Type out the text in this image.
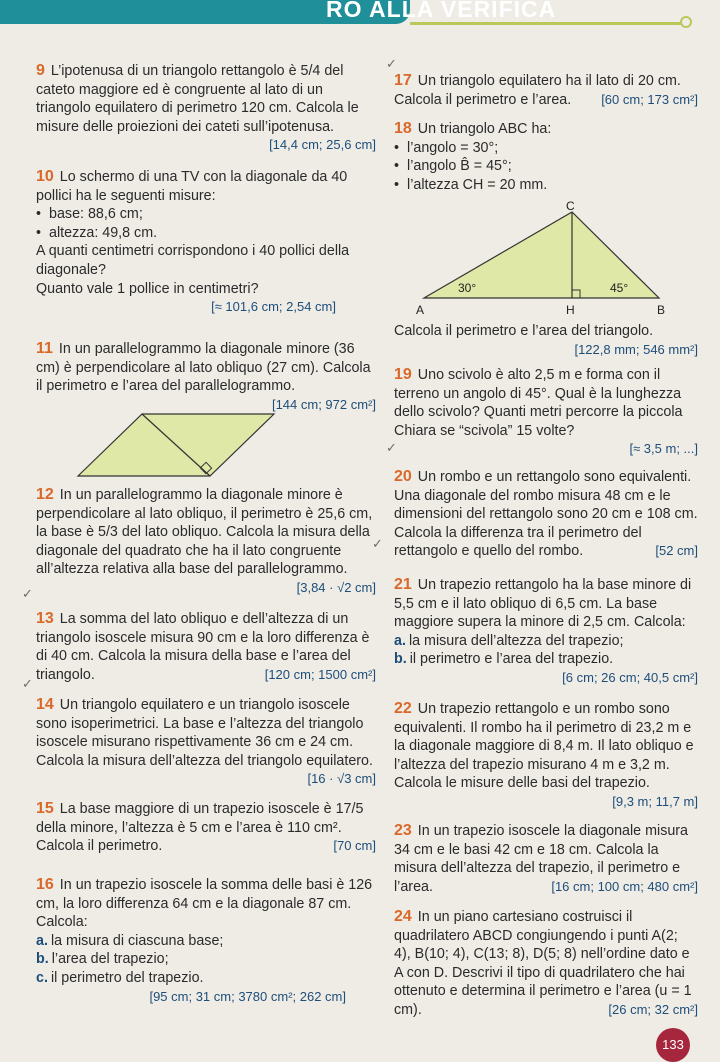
RO ALLA VERIFICA

9 L’ipotenusa di un triangolo rettangolo è 5/4 del cateto maggiore ed è congruente al lato di un triangolo equilatero di perimetro 120 cm. Calcola le misure delle proiezioni dei cateti sull’ipotenusa.
[14,4 cm; 25,6 cm]

10 Lo schermo di una TV con la diagonale da 40 pollici ha le seguenti misure:

• base: 88,6 cm;

• altezza: 49,8 cm.

A quanti centimetri corrispondono i 40 pollici della diagonale?

Quanto vale 1 pollice in centimetri?

[≈ 101,6 cm; 2,54 cm]

11 In un parallelogrammo la diagonale minore (36 cm) è perpendicolare al lato obliquo (27 cm). Calcola il perimetro e l’area del parallelogrammo.
[144 cm; 972 cm²]

12 In un parallelogrammo la diagonale minore è perpendicolare al lato obliquo, il perimetro è 25,6 cm, la base è 5/3 del lato obliquo. Calcola la misura della diagonale del quadrato che ha il lato congruente all’altezza relativa alla base del parallelogrammo.
[3,84 · √2 cm]

13 La somma del lato obliquo e dell’altezza di un triangolo isoscele misura 90 cm e la loro differenza è di 40 cm. Calcola la misura della base e l’area del triangolo.	[120 cm; 1500 cm²]

14 Un triangolo equilatero e un triangolo isoscele sono isoperimetrici. La base e l’altezza del triangolo isoscele misurano rispettivamente 36 cm e 24 cm. Calcola la misura dell’altezza del triangolo equilatero.
[16 · √3 cm]

15 La base maggiore di un trapezio isoscele è 17/5 della minore, l’altezza è 5 cm e l’area è 110 cm². Calcola il perimetro.	[70 cm]

16 In un trapezio isoscele la somma delle basi è 126 cm, la loro differenza 64 cm e la diagonale 87 cm. Calcola:

a. la misura di ciascuna base;

b. l’area del trapezio;

c. il perimetro del trapezio.

[95 cm; 31 cm; 3780 cm²; 262 cm]

17 Un triangolo equilatero ha il lato di 20 cm. Calcola il perimetro e l’area. [60 cm; 173 cm²]

18 Un triangolo ABC ha:

• l’angolo = 30°;

• l’angolo B̂ = 45°;

• l’altezza CH = 20 mm.

C
A	H	B
30°	45°

Calcola il perimetro e l’area del triangolo.

[122,8 mm; 546 mm²]

19 Uno scivolo è alto 2,5 m e forma con il terreno un angolo di 45°. Qual è la lunghezza dello scivolo? Quanti metri percorre la piccola Chiara se “scivola” 15 volte?

[≈ 3,5 m; ...]

20 Un rombo e un rettangolo sono equivalenti. Una diagonale del rombo misura 48 cm e le dimensioni del rettangolo sono 20 cm e 108 cm. Calcola la differenza tra il perimetro del rettangolo e quello del rombo.	[52 cm]

21 Un trapezio rettangolo ha la base minore di 5,5 cm e il lato obliquo di 6,5 cm. La base maggiore supera la minore di 2,5 cm. Calcola:

a. la misura dell’altezza del trapezio;

b. il perimetro e l’area del trapezio.

[6 cm; 26 cm; 40,5 cm²]

22 Un trapezio rettangolo e un rombo sono equivalenti. Il rombo ha il perimetro di 23,2 m e la diagonale maggiore di 8,4 m. Il lato obliquo e l’altezza del trapezio misurano 4 m e 3,2 m. Calcola le misure delle basi del trapezio.
[9,3 m; 11,7 m]

23 In un trapezio isoscele la diagonale misura 34 cm e le basi 42 cm e 18 cm. Calcola la misura dell’altezza del trapezio, il perimetro e l’area.	[16 cm; 100 cm; 480 cm²]

24 In un piano cartesiano costruisci il quadrilatero ABCD congiungendo i punti A(2; 4), B(10; 4), C(13; 8), D(5; 8) nell’ordine dato e A con D. Descrivi il tipo di quadrilatero che hai ottenuto e determina il perimetro e l’area (u = 1 cm).	[26 cm; 32 cm²]

✓
✓
✓
✓
✓
133
